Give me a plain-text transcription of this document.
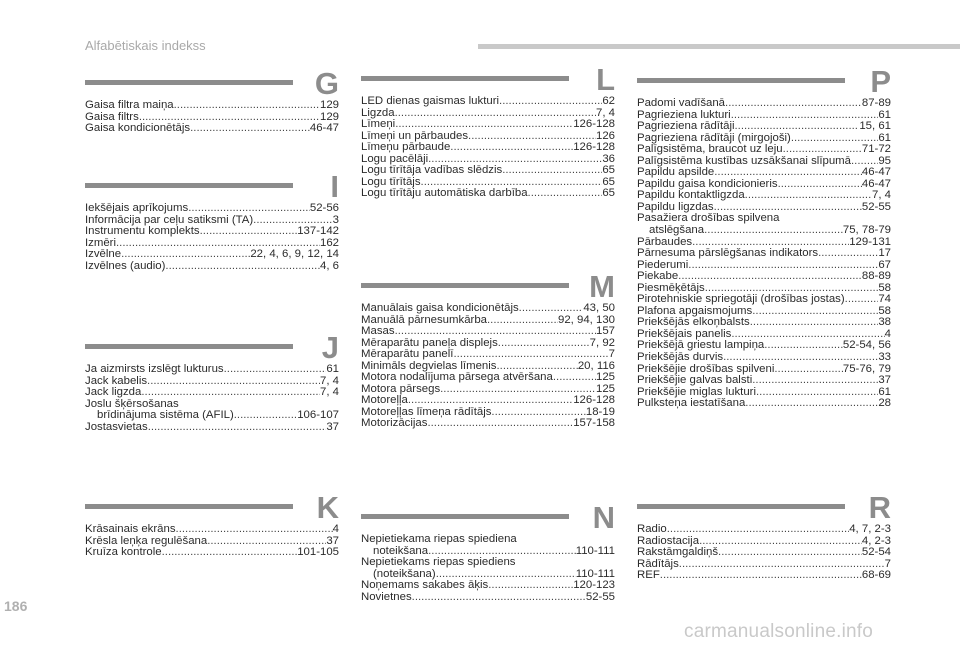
Alfabētiskais indekss
G
Gaisa filtra maiņa .....	129
Gaisa filtrs .....	129
Gaisa kondicionētājs .....	46-47
I
Iekšējais aprīkojums .....	52-56
Informācija par ceļu satiksmi (TA) .....	3
Instrumentu komplekts .....	137-142
Izmēri .....	162
Izvēlne .....	22, 4, 6, 9, 12, 14
Izvēlnes (audio) .....	4, 6
J
Ja aizmirsts izslēgt lukturus .....	61
Jack kabelis .....	7, 4
Jack ligzda .....	7, 4
Joslu šķērsošanas
brīdinājuma sistēma (AFIL) .....	106-107
Jostasvietas .....	37
K
Krāsainais ekrāns .....	4
Krēsla leņķa regulēšana .....	37
Kruīza kontrole .....	101-105
L
LED dienas gaismas lukturi .....	62
Ligzda .....	7, 4
Līmeņi .....	126-128
Līmeņi un pārbaudes .....	126
Līmeņu pārbaude .....	126-128
Logu pacēlāji .....	36
Logu tīrītāja vadības slēdzis .....	65
Logu tīrītājs .....	65
Logu tīrītāju automātiska darbība .....	65
M
Manuālais gaisa kondicionētājs .....	43, 50
Manuālā pārnesumkārba .....	92, 94, 130
Masas .....	157
Mēraparātu paneļa displejs .....	7, 92
Mēraparātu panelī .....	7
Minimāls degvielas līmenis .....	20, 116
Motora nodalījuma pārsega atvēršana .....	125
Motora pārsegs .....	125
Motoreļļa .....	126-128
Motoreļļas līmeņa rādītājs .....	18-19
Motorizācijas .....	157-158
N
Nepietiekama riepas spiediena
noteikšana .....	110-111
Nepietiekams riepas spiediens
(noteikšana) .....	110-111
Noņemams sakabes āķis .....	120-123
Novietnes .....	52-55
P
Padomi vadīšanā .....	87-89
Pagrieziena lukturi .....	61
Pagrieziena rādītāji .....	15, 61
Pagrieziena rādītāji (mirgojoši) .....	61
Palīgsistēma, braucot uz leju .....	71-72
Palīgsistēma kustības uzsākšanai slīpumā ..... 95
Papildu apsilde .....	46-47
Papildu gaisa kondicionieris .....	46-47
Papildu kontaktligzda .....	7, 4
Papildu ligzdas .....	52-55
Pasažiera drošības spilvena
atslēgšana .....	75, 78-79
Pārbaudes .....	129-131
Pārnesuma pārslēgšanas indikators .....	17
Piederumi .....	67
Piekabe .....	88-89
Piesmēķētājs .....	58
Pirotehniskie spriegotāji (drošības jostas) .....	74
Plafona apgaismojums .....	58
Priekšējās elkoņbalsts .....	38
Priekšējais panelis .....	4
Priekšējā griestu lampiņa .....	52-54, 56
Priekšējās durvis .....	33
Priekšējie drošības spilveni .....	75-76, 79
Priekšējie galvas balsti .....	37
Priekšējie miglas lukturi .....	61
Pulksteņa iestatīšana .....	28
R
Radio .....	4, 7, 2-3
Radiostacija .....	4, 2-3
Rakstāmgaldiņš .....	52-54
Rādītājs .....	7
REF .....	68-69
186
carmanualsonline.info
